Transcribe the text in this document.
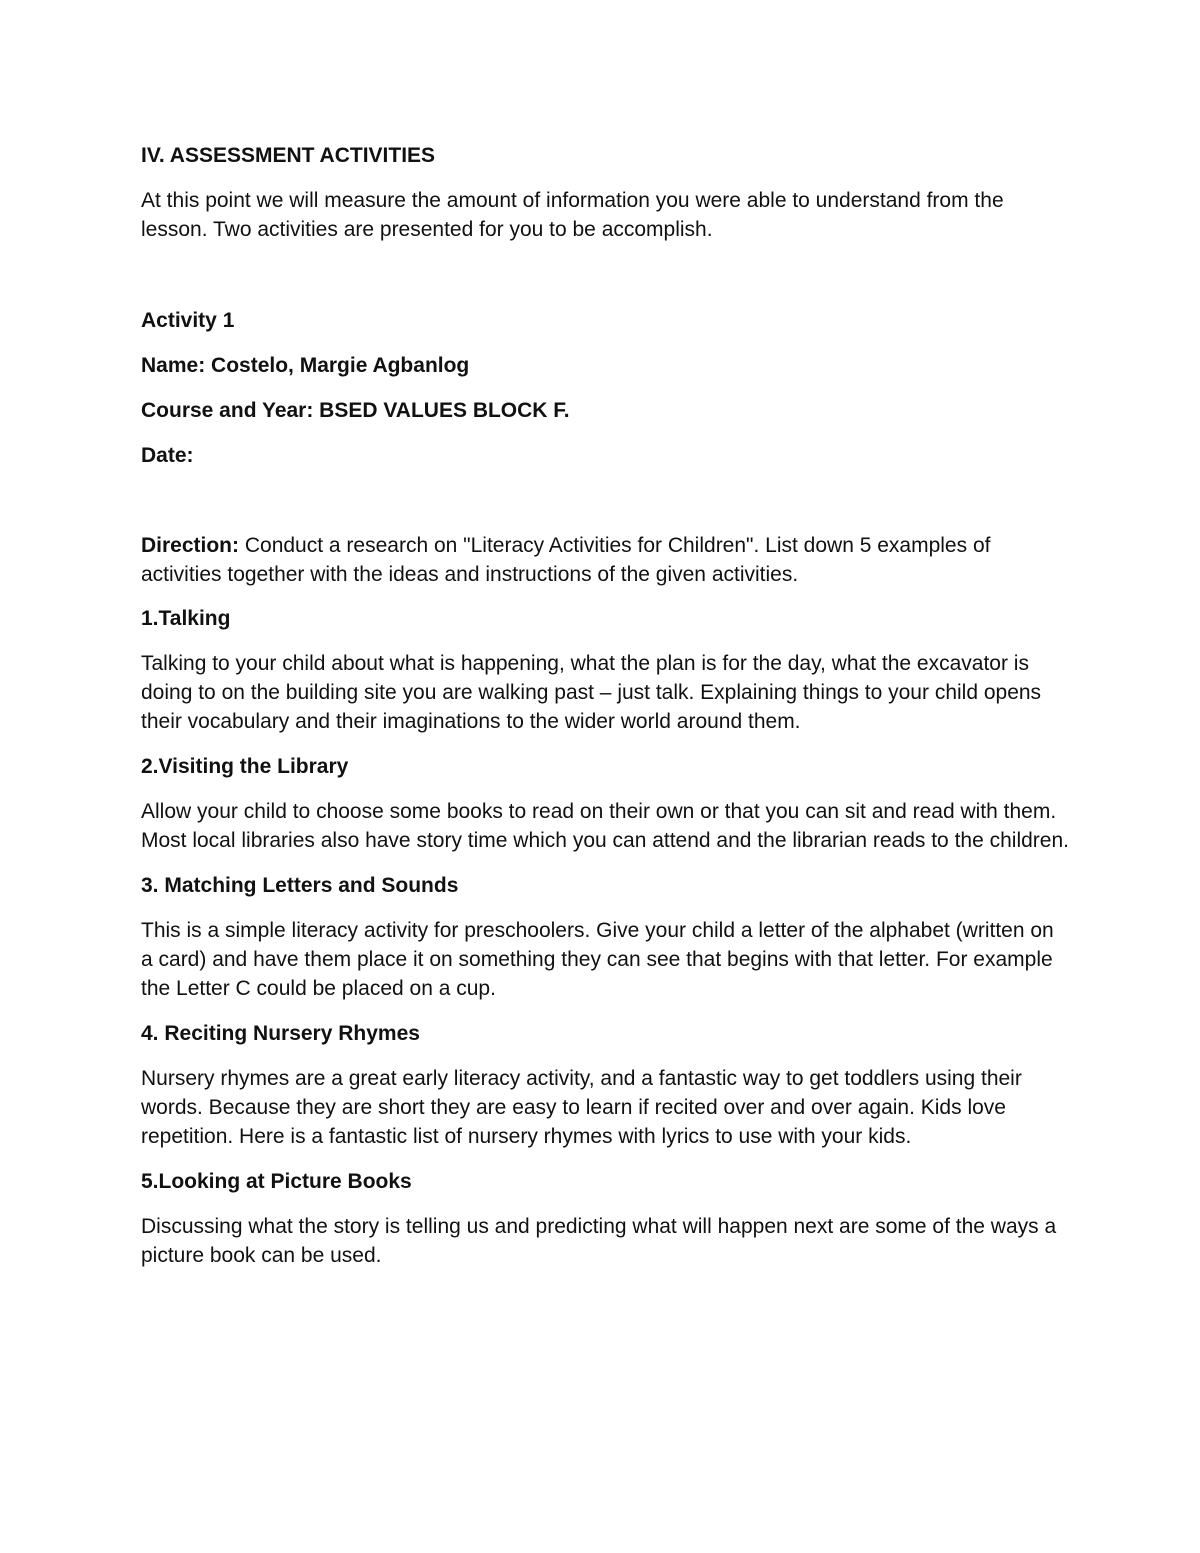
IV. ASSESSMENT ACTIVITIES

At this point we will measure the amount of information you were able to understand from the lesson. Two activities are presented for you to be accomplish.

Activity 1

Name: Costelo, Margie Agbanlog

Course and Year: BSED VALUES BLOCK F.

Date:

Direction: Conduct a research on "Literacy Activities for Children". List down 5 examples of activities together with the ideas and instructions of the given activities.

1.Talking

Talking to your child about what is happening, what the plan is for the day, what the excavator is doing to on the building site you are walking past – just talk. Explaining things to your child opens their vocabulary and their imaginations to the wider world around them.

2.Visiting the Library

Allow your child to choose some books to read on their own or that you can sit and read with them. Most local libraries also have story time which you can attend and the librarian reads to the children.

3. Matching Letters and Sounds

This is a simple literacy activity for preschoolers. Give your child a letter of the alphabet (written on a card) and have them place it on something they can see that begins with that letter. For example the Letter C could be placed on a cup.

4. Reciting Nursery Rhymes

Nursery rhymes are a great early literacy activity, and a fantastic way to get toddlers using their words. Because they are short they are easy to learn if recited over and over again. Kids love repetition. Here is a fantastic list of nursery rhymes with lyrics to use with your kids.

5.Looking at Picture Books

Discussing what the story is telling us and predicting what will happen next are some of the ways a picture book can be used.
